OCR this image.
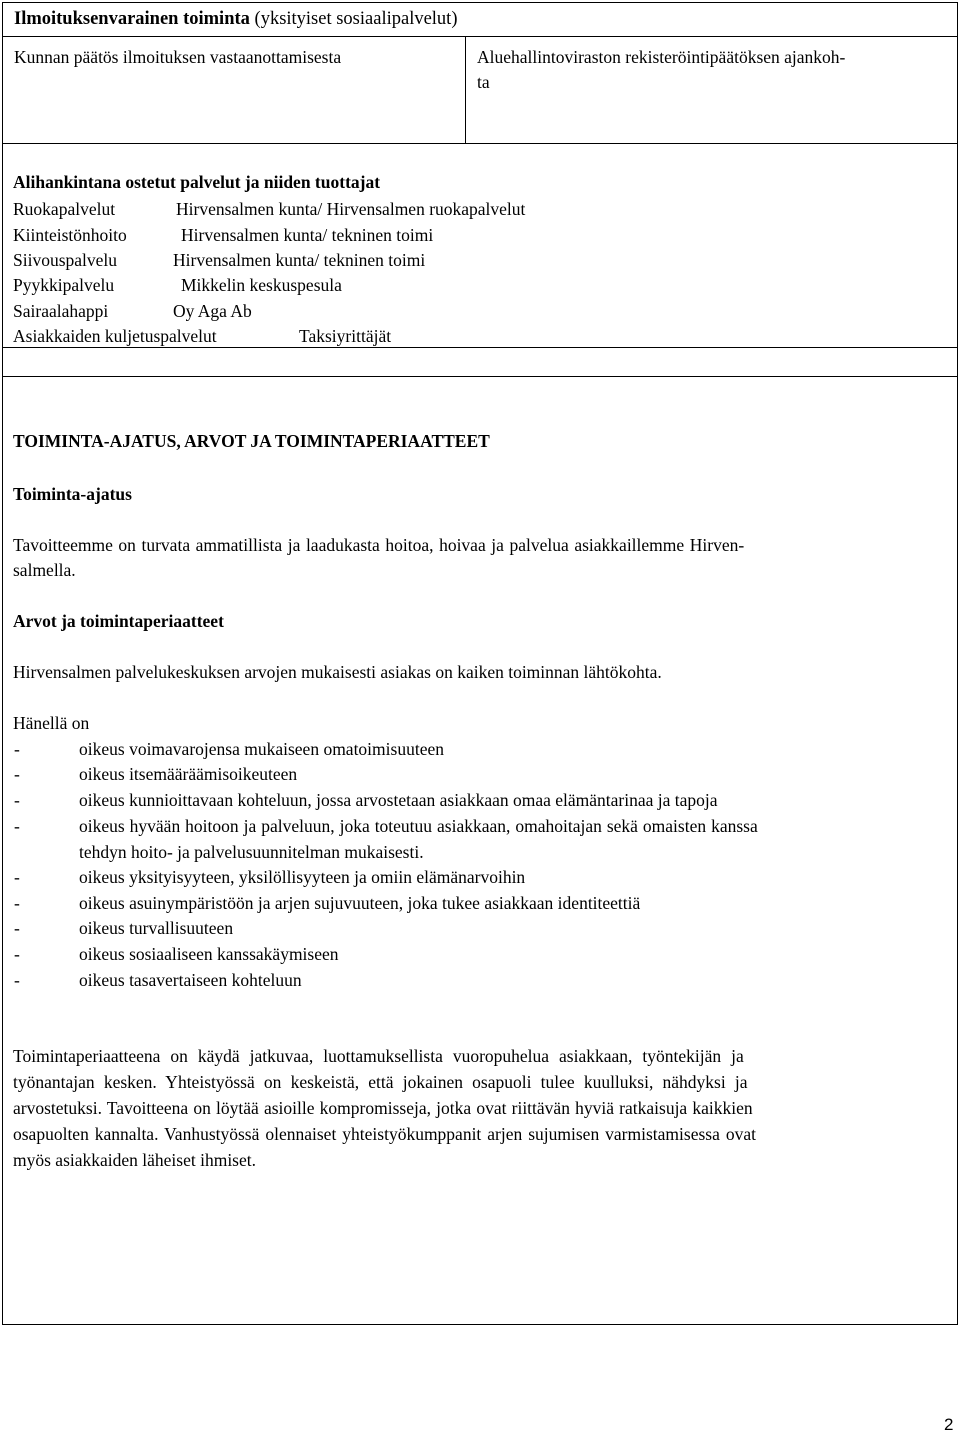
Ilmoituksenvarainen toiminta (yksityiset sosiaalipalvelut)
Kunnan päätös ilmoituksen vastaanottamisesta	Aluehallintoviraston rekisteröintipäätöksen ajankoh-
ta
Alihankintana ostetut palvelut ja niiden tuottajat
Ruokapalvelut	Hirvensalmen kunta/ Hirvensalmen ruokapalvelut
Kiinteistönhoito	Hirvensalmen kunta/ tekninen toimi
Siivouspalvelu	Hirvensalmen kunta/ tekninen toimi
Pyykkipalvelu	Mikkelin keskuspesula
Sairaalahappi	Oy Aga Ab
Asiakkaiden kuljetuspalvelut	Taksiyrittäjät
TOIMINTA-AJATUS, ARVOT JA TOIMINTAPERIAATTEET
Toiminta-ajatus
Tavoitteemme on turvata ammatillista ja laadukasta hoitoa, hoivaa ja palvelua asiakkaillemme Hirven-
salmella.
Arvot ja toimintaperiaatteet
Hirvensalmen palvelukeskuksen arvojen mukaisesti asiakas on kaiken toiminnan lähtökohta.
Hänellä on
-	oikeus voimavarojensa mukaiseen omatoimisuuteen
-	oikeus itsemääräämisoikeuteen
-	oikeus kunnioittavaan kohteluun, jossa arvostetaan asiakkaan omaa elämäntarinaa ja tapoja
-	oikeus hyvään hoitoon ja palveluun, joka toteutuu asiakkaan, omahoitajan sekä omaisten kanssa
tehdyn hoito- ja palvelusuunnitelman mukaisesti.
-	oikeus yksityisyyteen, yksilöllisyyteen ja omiin elämänarvoihin
-	oikeus asuinympäristöön ja arjen sujuvuuteen, joka tukee asiakkaan identiteettiä
-	oikeus turvallisuuteen
-	oikeus sosiaaliseen kanssakäymiseen
-	oikeus tasavertaiseen kohteluun
Toimintaperiaatteena on käydä jatkuvaa, luottamuksellista vuoropuhelua asiakkaan, työntekijän ja
työnantajan kesken. Yhteistyössä on keskeistä, että jokainen osapuoli tulee kuulluksi, nähdyksi ja
arvostetuksi. Tavoitteena on löytää asioille kompromisseja, jotka ovat riittävän hyviä ratkaisuja kaikkien
osapuolten kannalta. Vanhustyössä olennaiset yhteistyökumppanit arjen sujumisen varmistamisessa ovat
myös asiakkaiden läheiset ihmiset.
2
